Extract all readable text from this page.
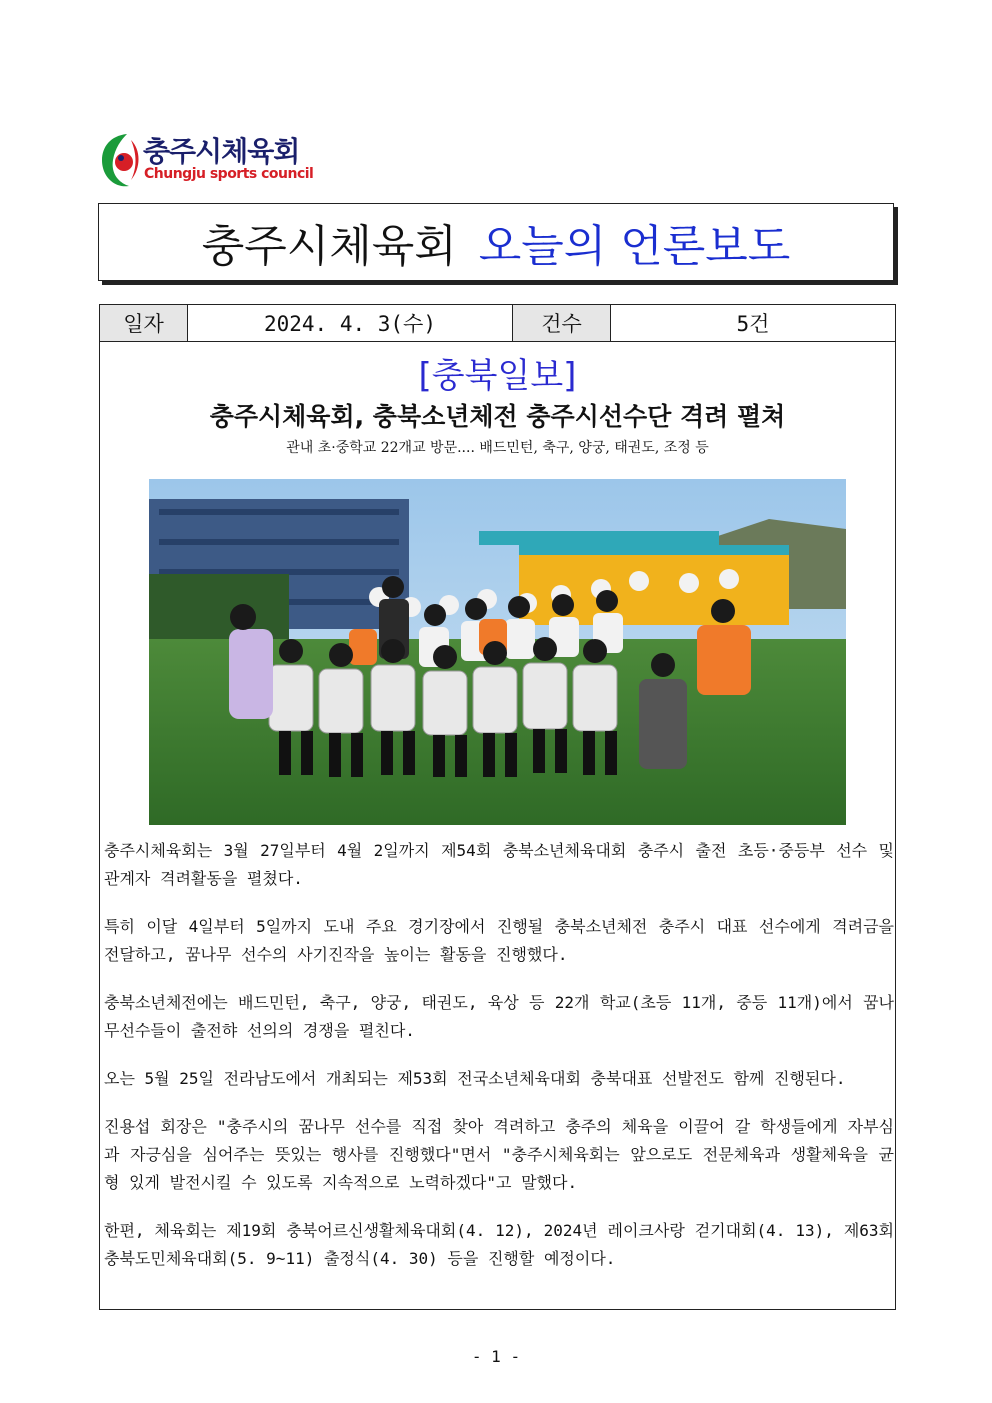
충주시체육회
Chungju sports council
충주시체육회 오늘의 언론보도
일자	2024. 4. 3(수)	건수	5건
[충북일보]
충주시체육회, 충북소년체전 충주시선수단 격려 펼쳐
관내 초·중학교 22개교 방문.... 배드민턴, 축구, 양궁, 태권도, 조정 등

충주시체육회는 3월 27일부터 4월 2일까지 제54회 충북소년체육대회 충주시 출전 초등·중등부 선수 및 관계자 격려활동을 펼쳤다.

특히 이달 4일부터 5일까지 도내 주요 경기장에서 진행될 충북소년체전 충주시 대표 선수에게 격려금을 전달하고, 꿈나무 선수의 사기진작을 높이는 활동을 진행했다.

충북소년체전에는 배드민턴, 축구, 양궁, 태권도, 육상 등 22개 학교(초등 11개, 중등 11개)에서 꿈나무선수들이 출전햐 선의의 경쟁을 펼친다.

오는 5월 25일 전라남도에서 개최되는 제53회 전국소년체육대회 충북대표 선발전도 함께 진행된다.

진용섭 회장은 "충주시의 꿈나무 선수를 직접 찾아 격려하고 충주의 체육을 이끌어 갈 학생들에게 자부심과 자긍심을 심어주는 뜻있는 행사를 진행했다"면서 "충주시체육회는 앞으로도 전문체육과 생활체육을 균형 있게 발전시킬 수 있도록 지속적으로 노력하겠다"고 말했다.

한편, 체육회는 제19회 충북어르신생활체육대회(4. 12), 2024년 레이크사랑 걷기대회(4. 13), 제63회 충북도민체육대회(5. 9~11) 출정식(4. 30) 등을 진행할 예정이다.

- 1 -
